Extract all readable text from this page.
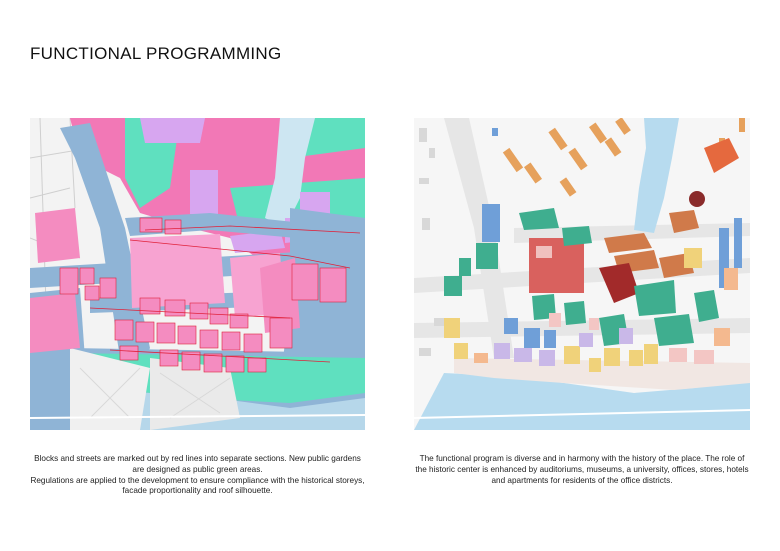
FUNCTIONAL PROGRAMMING

Blocks and streets are marked out by red lines into separate sections. New public gardens are designed as public green areas.

Regulations are applied to the development to ensure compliance with the historical storeys, facade proportionality and roof silhouette.

The functional program is diverse and in harmony with the history of the place. The role of the historic center is enhanced by auditoriums, museums, a university, offices, stores, hotels and apartments for residents of the office districts.
